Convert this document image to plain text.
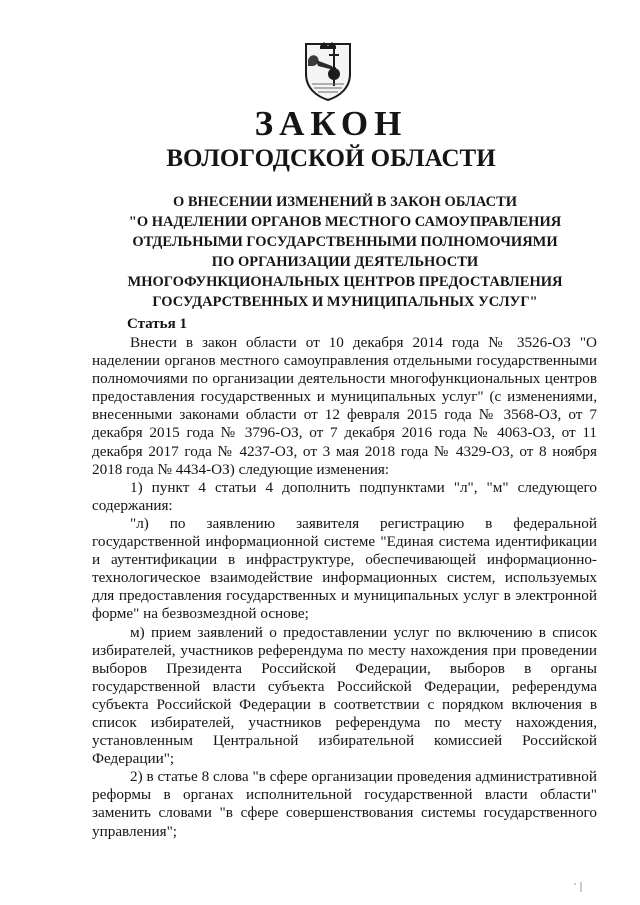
ЗАКОН
ВОЛОГОДСКОЙ ОБЛАСТИ
О ВНЕСЕНИИ ИЗМЕНЕНИЙ В ЗАКОН ОБЛАСТИ
"О НАДЕЛЕНИИ ОРГАНОВ МЕСТНОГО САМОУПРАВЛЕНИЯ
ОТДЕЛЬНЫМИ ГОСУДАРСТВЕННЫМИ ПОЛНОМОЧИЯМИ
ПО ОРГАНИЗАЦИИ ДЕЯТЕЛЬНОСТИ
МНОГОФУНКЦИОНАЛЬНЫХ ЦЕНТРОВ ПРЕДОСТАВЛЕНИЯ
ГОСУДАРСТВЕННЫХ И МУНИЦИПАЛЬНЫХ УСЛУГ"
Статья 1

Внести в закон области от 10 декабря 2014 года № 3526-ОЗ "О наделении органов местного самоуправления отдельными государственными полномочиями по организации деятельности многофункциональных центров предоставления государственных и муниципальных услуг" (с изменениями, внесенными законами области от 12 февраля 2015 года № 3568-ОЗ, от 7 декабря 2015 года № 3796-ОЗ, от 7 декабря 2016 года № 4063-ОЗ, от 11 декабря 2017 года № 4237-ОЗ, от 3 мая 2018 года № 4329-ОЗ, от 8 ноября 2018 года № 4434-ОЗ) следующие изменения:

1) пункт 4 статьи 4 дополнить подпунктами "л", "м" следующего содержания:

"л) по заявлению заявителя регистрацию в федеральной государственной информационной системе "Единая система идентификации и аутентификации в инфраструктуре, обеспечивающей информационно-технологическое взаимодействие информационных систем, используемых для предоставления государственных и муниципальных услуг в электронной форме" на безвозмездной основе;

м) прием заявлений о предоставлении услуг по включению в список избирателей, участников референдума по месту нахождения при проведении выборов Президента Российской Федерации, выборов в органы государственной власти субъекта Российской Федерации, референдума субъекта Российской Федерации в соответствии с порядком включения в список избирателей, участников референдума по месту нахождения, установленным Центральной избирательной комиссией Российской Федерации";

2) в статье 8 слова "в сфере организации проведения административной реформы в органах исполнительной государственной власти области" заменить словами "в сфере совершенствования системы государственного управления";
